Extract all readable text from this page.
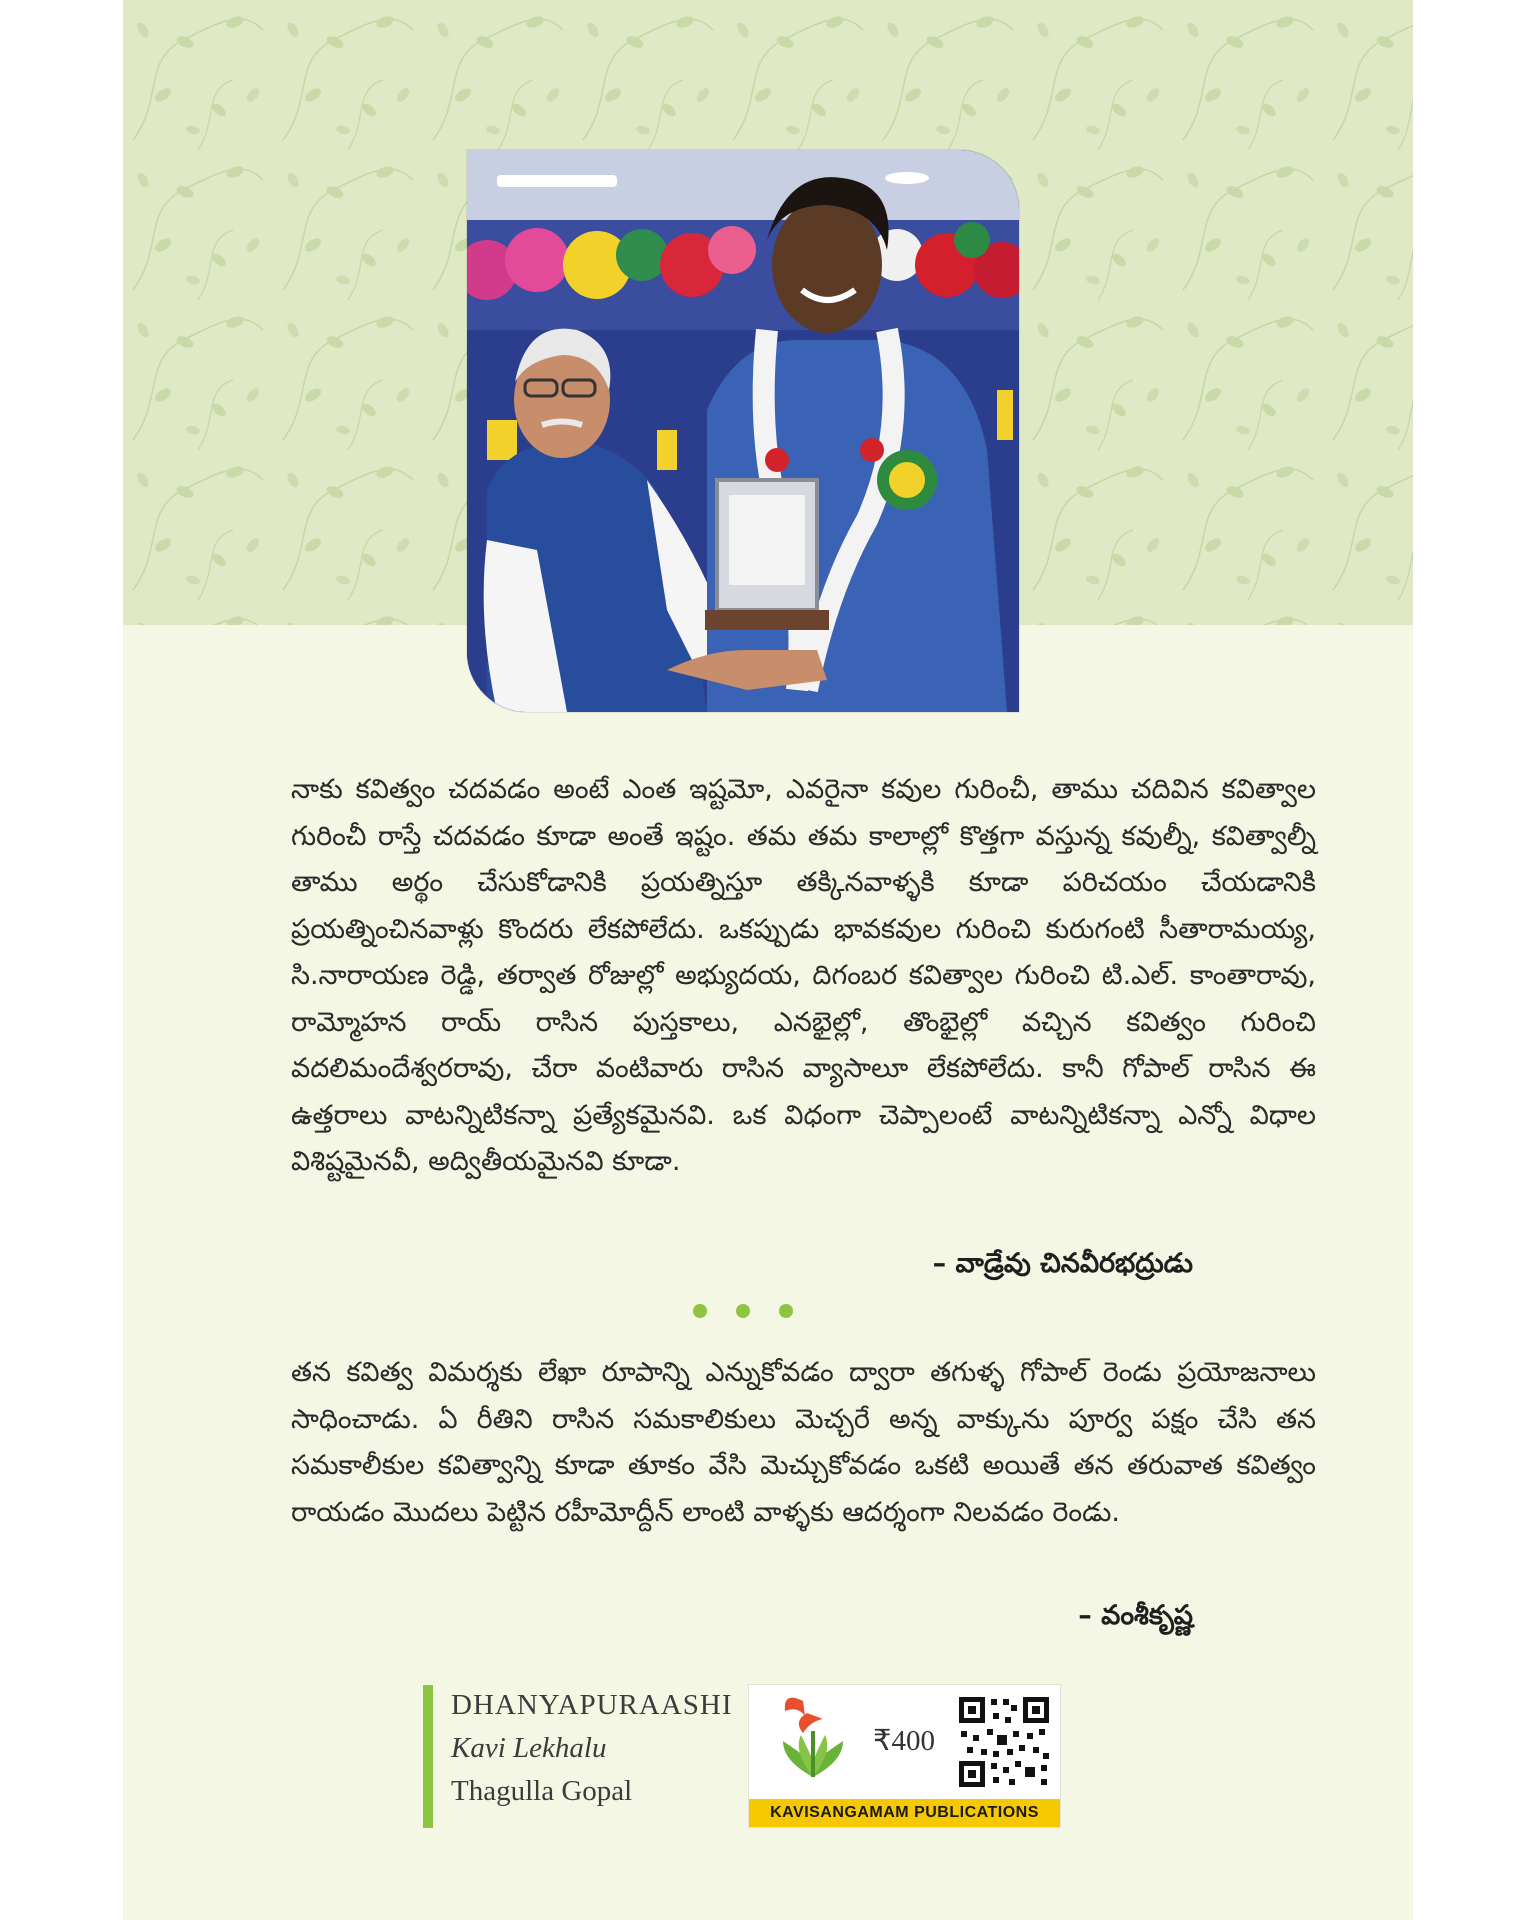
నాకు కవిత్వం చదవడం అంటే ఎంత ఇష్టమో, ఎవరైనా కవుల గురించీ, తాము చదివిన కవిత్వాల గురించీ రాస్తే చదవడం కూడా అంతే ఇష్టం. తమ తమ కాలాల్లో కొత్తగా వస్తున్న కవుల్నీ, కవిత్వాల్నీ తాము అర్థం చేసుకోడానికి ప్రయత్నిస్తూ తక్కినవాళ్ళకి కూడా పరిచయం చేయడానికి ప్రయత్నించినవాళ్లు కొందరు లేకపోలేదు. ఒకప్పుడు భావకవుల గురించి కురుగంటి సీతారామయ్య, సి.నారాయణ రెడ్డి, తర్వాత రోజుల్లో అభ్యుదయ, దిగంబర కవిత్వాల గురించి టి.ఎల్. కాంతారావు, రామ్మోహన రాయ్ రాసిన పుస్తకాలు, ఎనభైల్లో, తొంభైల్లో వచ్చిన కవిత్వం గురించి వదలిమందేశ్వరరావు, చేరా వంటివారు రాసిన వ్యాసాలూ లేకపోలేదు. కానీ గోపాల్ రాసిన ఈ ఉత్తరాలు వాటన్నిటికన్నా ప్రత్యేకమైనవి. ఒక విధంగా చెప్పాలంటే వాటన్నిటికన్నా ఎన్నో విధాల విశిష్టమైనవీ, అద్వితీయమైనవి కూడా.

– వాడ్రేవు చినవీరభద్రుడు

తన కవిత్వ విమర్శకు లేఖా రూపాన్ని ఎన్నుకోవడం ద్వారా తగుళ్ళ గోపాల్ రెండు ప్రయోజనాలు సాధించాడు. ఏ రీతిని రాసిన సమకాలికులు మెచ్చరే అన్న వాక్కును పూర్వ పక్షం చేసి తన సమకాలీకుల కవిత్వాన్ని కూడా తూకం వేసి మెచ్చుకోవడం ఒకటి అయితే తన తరువాత కవిత్వం రాయడం మొదలు పెట్టిన రహీమోద్దీన్ లాంటి వాళ్ళకు ఆదర్శంగా నిలవడం రెండు.

– వంశీకృష్ణ
DHANYAPURAASHI
Kavi Lekhalu
Thagulla Gopal
₹400
KAVISANGAMAM PUBLICATIONS
